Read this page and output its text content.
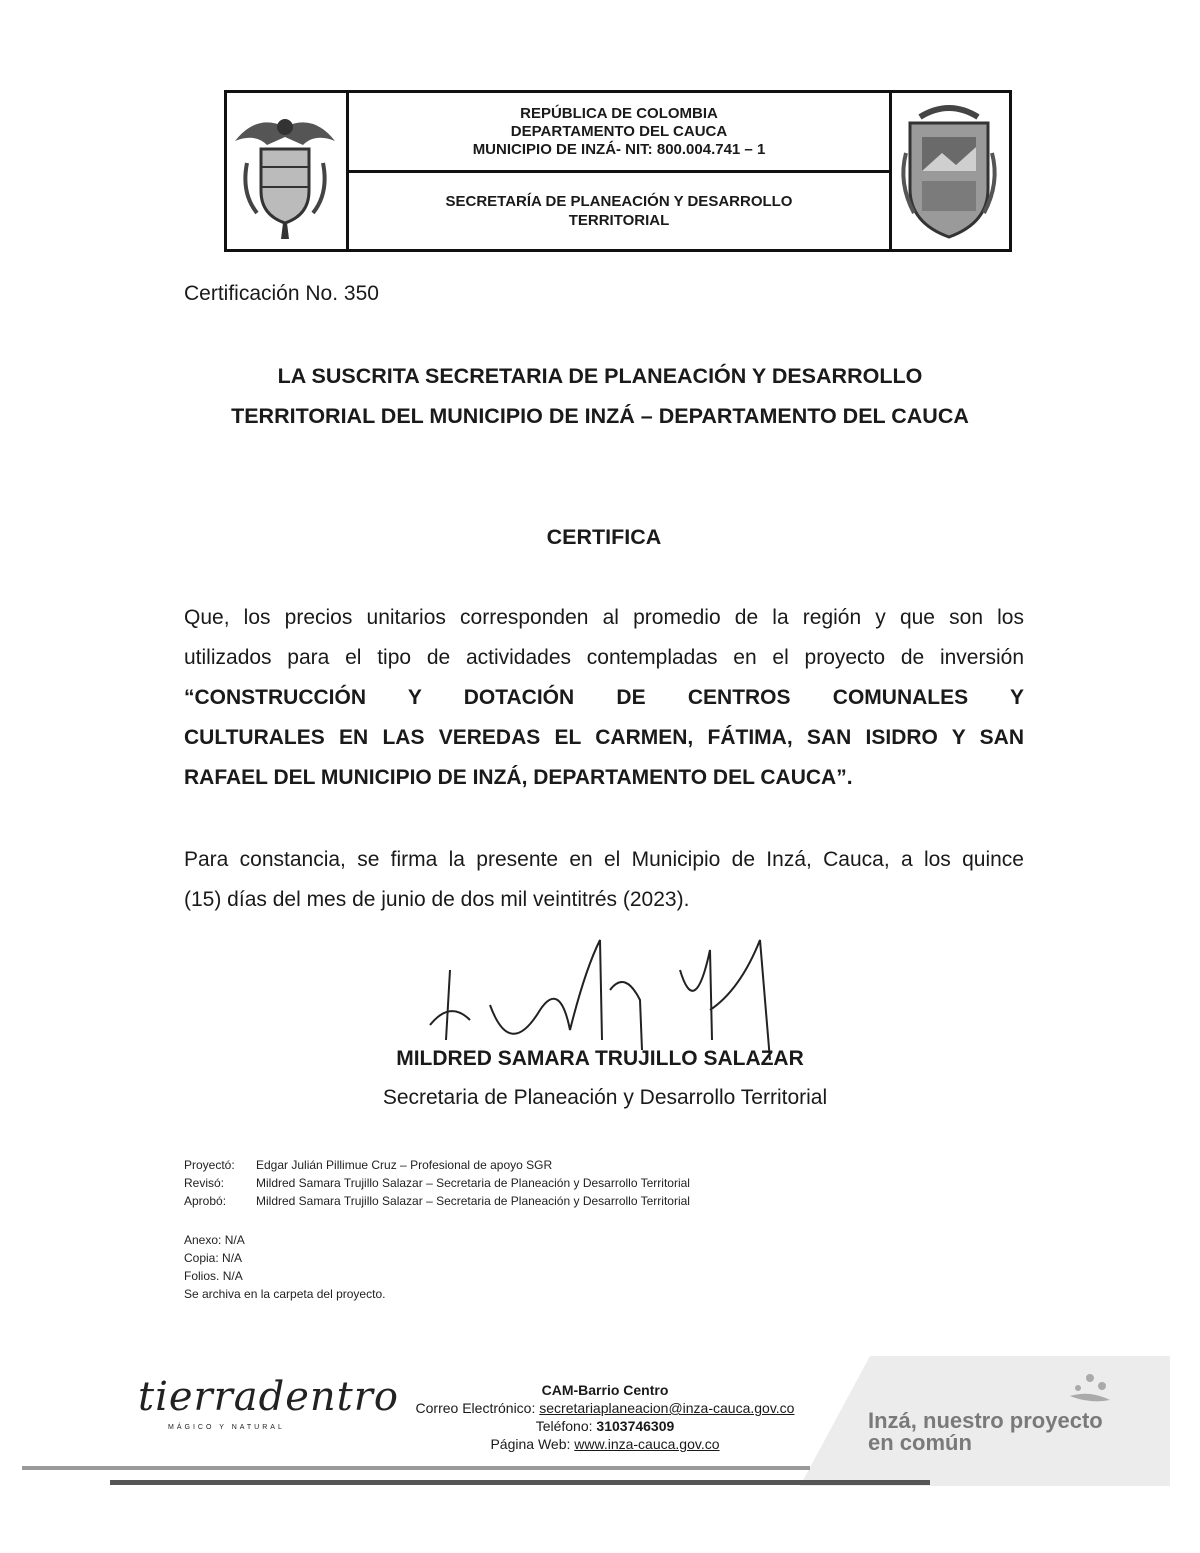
REPÚBLICA DE COLOMBIA
DEPARTAMENTO DEL CAUCA
MUNICIPIO DE INZÁ- NIT: 800.004.741 – 1
SECRETARÍA DE PLANEACIÓN Y DESARROLLO
TERRITORIAL
Certificación No. 350
LA SUSCRITA SECRETARIA DE PLANEACIÓN Y DESARROLLO
TERRITORIAL DEL MUNICIPIO DE INZÁ – DEPARTAMENTO DEL CAUCA
CERTIFICA
Que, los precios unitarios corresponden al promedio de la región y que son los
utilizados para el tipo de actividades contempladas en el proyecto de inversión
“CONSTRUCCIÓN Y DOTACIÓN DE CENTROS COMUNALES Y
CULTURALES EN LAS VEREDAS EL CARMEN, FÁTIMA, SAN ISIDRO Y SAN
RAFAEL DEL MUNICIPIO DE INZÁ, DEPARTAMENTO DEL CAUCA”.
Para constancia, se firma la presente en el Municipio de Inzá, Cauca, a los quince
(15) días del mes de junio de dos mil veintitrés (2023).
MILDRED SAMARA TRUJILLO SALAZAR
Secretaria de Planeación y Desarrollo Territorial
Proyectó: Edgar Julián Pillimue Cruz – Profesional de apoyo SGR
Revisó:	Mildred Samara Trujillo Salazar – Secretaria de Planeación y Desarrollo Territorial
Aprobó: Mildred Samara Trujillo Salazar – Secretaria de Planeación y Desarrollo Territorial
Anexo: N/A
Copia: N/A
Folios. N/A
Se archiva en la carpeta del proyecto.
tierradentro
MÁGICO Y NATURAL
CAM-Barrio Centro
Correo Electrónico: secretariaplaneacion@inza-cauca.gov.co
Teléfono: 3103746309
Página Web: www.inza-cauca.gov.co
Inzá, nuestro proyecto
en común
